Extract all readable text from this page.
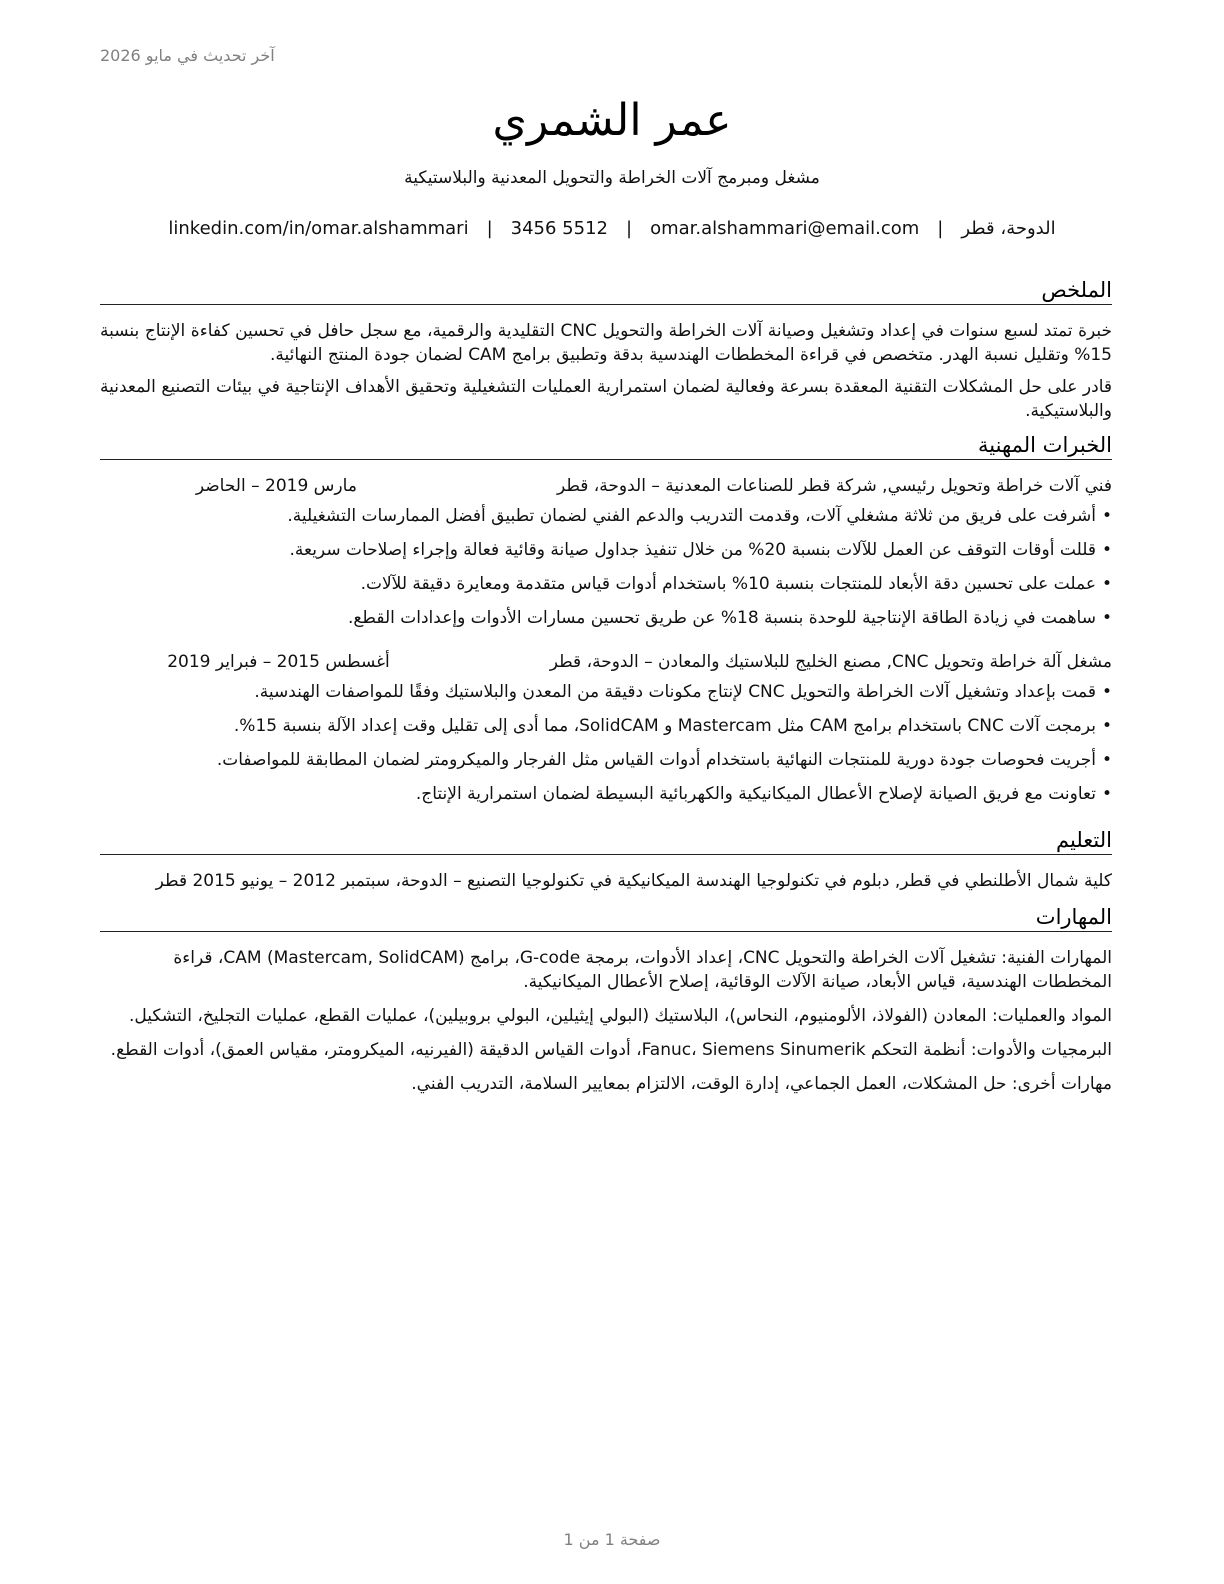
آخر تحديث في مايو 2026
عمر الشمري
مشغل ومبرمج آلات الخراطة والتحويل المعدنية والبلاستيكية
linkedin.com/in/omar.alshammari	|	3456 5512	|	omar.alshammari@email.com	|	الدوحة، قطر
الملخص

خبرة تمتد لسبع سنوات في إعداد وتشغيل وصيانة آلات الخراطة والتحويل CNC التقليدية والرقمية، مع سجل حافل في تحسين كفاءة الإنتاج بنسبة 15% وتقليل نسبة الهدر. متخصص في قراءة المخططات الهندسية بدقة وتطبيق برامج CAM لضمان جودة المنتج النهائية.

قادر على حل المشكلات التقنية المعقدة بسرعة وفعالية لضمان استمرارية العمليات التشغيلية وتحقيق الأهداف الإنتاجية في بيئات التصنيع المعدنية والبلاستيكية.

الخبرات المهنية
فني آلات خراطة وتحويل رئيسي, شركة قطر للصناعات المعدنية – الدوحة، قطر
مارس 2019 – الحاضر
•أشرفت على فريق من ثلاثة مشغلي آلات، وقدمت التدريب والدعم الفني لضمان تطبيق أفضل الممارسات التشغيلية.
•قللت أوقات التوقف عن العمل للآلات بنسبة 20% من خلال تنفيذ جداول صيانة وقائية فعالة وإجراء إصلاحات سريعة.
•عملت على تحسين دقة الأبعاد للمنتجات بنسبة 10% باستخدام أدوات قياس متقدمة ومعايرة دقيقة للآلات.
•ساهمت في زيادة الطاقة الإنتاجية للوحدة بنسبة 18% عن طريق تحسين مسارات الأدوات وإعدادات القطع.
مشغل آلة خراطة وتحويل CNC, مصنع الخليج للبلاستيك والمعادن – الدوحة، قطر
أغسطس 2015 – فبراير 2019
•قمت بإعداد وتشغيل آلات الخراطة والتحويل CNC لإنتاج مكونات دقيقة من المعدن والبلاستيك وفقًا للمواصفات الهندسية.
•برمجت آلات CNC باستخدام برامج CAM مثل Mastercam و SolidCAM، مما أدى إلى تقليل وقت إعداد الآلة بنسبة 15%.
•أجريت فحوصات جودة دورية للمنتجات النهائية باستخدام أدوات القياس مثل الفرجار والميكرومتر لضمان المطابقة للمواصفات.
•تعاونت مع فريق الصيانة لإصلاح الأعطال الميكانيكية والكهربائية البسيطة لضمان استمرارية الإنتاج.
التعليم
كلية شمال الأطلنطي في قطر, دبلوم في تكنولوجيا الهندسة الميكانيكية في تكنولوجيا التصنيع – الدوحة، سبتمبر 2012 – يونيو 2015 قطر
المهارات
المهارات الفنية: تشغيل آلات الخراطة والتحويل CNC، إعداد الأدوات، برمجة G-code، برامج CAM (Mastercam, SolidCAM)، قراءة المخططات الهندسية، قياس الأبعاد، صيانة الآلات الوقائية، إصلاح الأعطال الميكانيكية.
المواد والعمليات: المعادن (الفولاذ، الألومنيوم، النحاس)، البلاستيك (البولي إيثيلين، البولي بروبيلين)، عمليات القطع، عمليات التجليخ، التشكيل.
البرمجيات والأدوات: أنظمة التحكم Fanuc، Siemens Sinumerik، أدوات القياس الدقيقة (الفيرنيه، الميكرومتر، مقياس العمق)، أدوات القطع.
مهارات أخرى: حل المشكلات، العمل الجماعي، إدارة الوقت، الالتزام بمعايير السلامة، التدريب الفني.
صفحة 1 من 1
